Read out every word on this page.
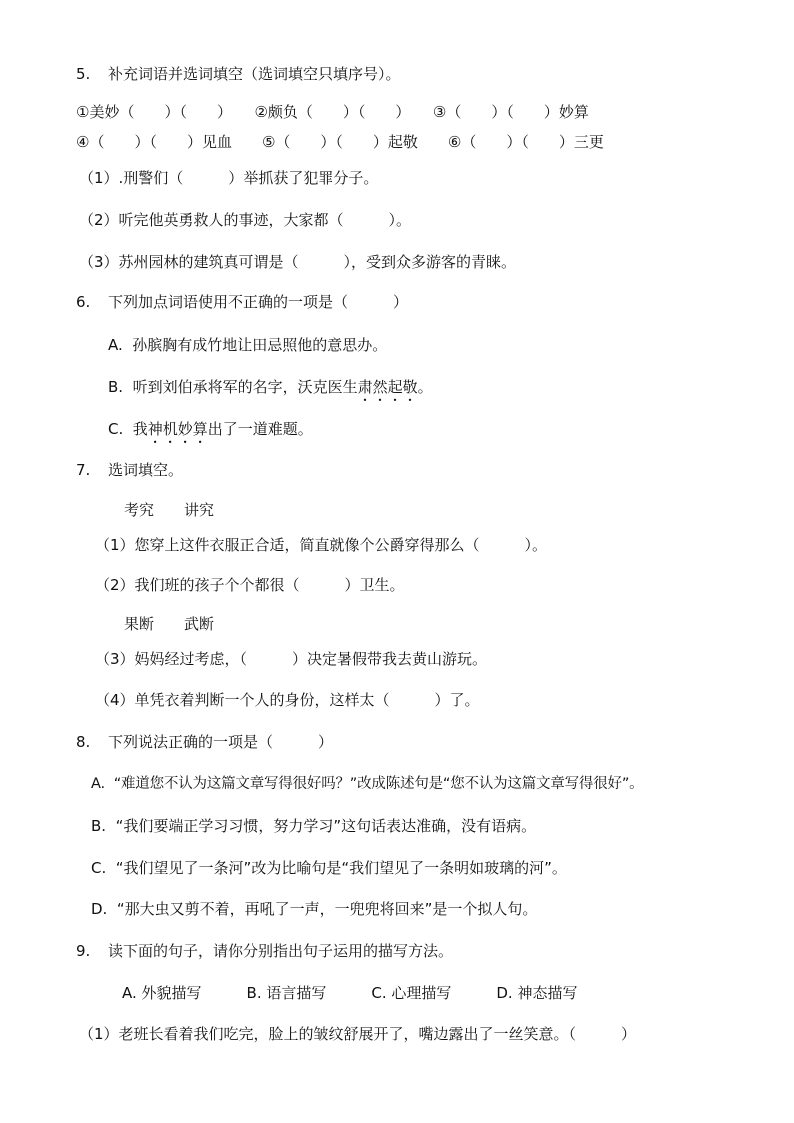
5. 补充词语并选词填空（选词填空只填序号）。
①美妙（　　）（　　）　　②颇负（　　）（　　）　　③（　　）（　　）妙算
④（　　）（　　）见血　　⑤（　　）（　　）起敬　　⑥（　　）（　　）三更
（1）.刑警们（　　　）举抓获了犯罪分子。
（2）听完他英勇救人的事迹，大家都（　　　）。
（3）苏州园林的建筑真可谓是（　　　），受到众多游客的青睐。
6. 下列加点词语使用不正确的一项是（　　　）
A.  孙膑胸有成竹地让田忌照他的意思办。
B.  听到刘伯承将军的名字，沃克医生肃然起敬。
C.  我神机妙算出了一道难题。
7. 选词填空。
考究　　讲究
（1）您穿上这件衣服正合适，简直就像个公爵穿得那么（　　　）。
（2）我们班的孩子个个都很（　　　）卫生。
果断　　武断
（3）妈妈经过考虑，（　　　）决定暑假带我去黄山游玩。
（4）单凭衣着判断一个人的身份，这样太（　　　）了。
8. 下列说法正确的一项是（　　　）
A.  “难道您不认为这篇文章写得很好吗？”改成陈述句是“您不认为这篇文章写得很好”。
B.  “我们要端正学习习惯，努力学习”这句话表达准确，没有语病。
C.  “我们望见了一条河”改为比喻句是“我们望见了一条明如玻璃的河”。
D.  “那大虫又剪不着，再吼了一声，一兜兜将回来”是一个拟人句。
9. 读下面的句子，请你分别指出句子运用的描写方法。
A. 外貌描写　　　B. 语言描写　　　C. 心理描写　　　D. 神态描写
（1）老班长看着我们吃完，脸上的皱纹舒展开了，嘴边露出了一丝笑意。（　　　）
